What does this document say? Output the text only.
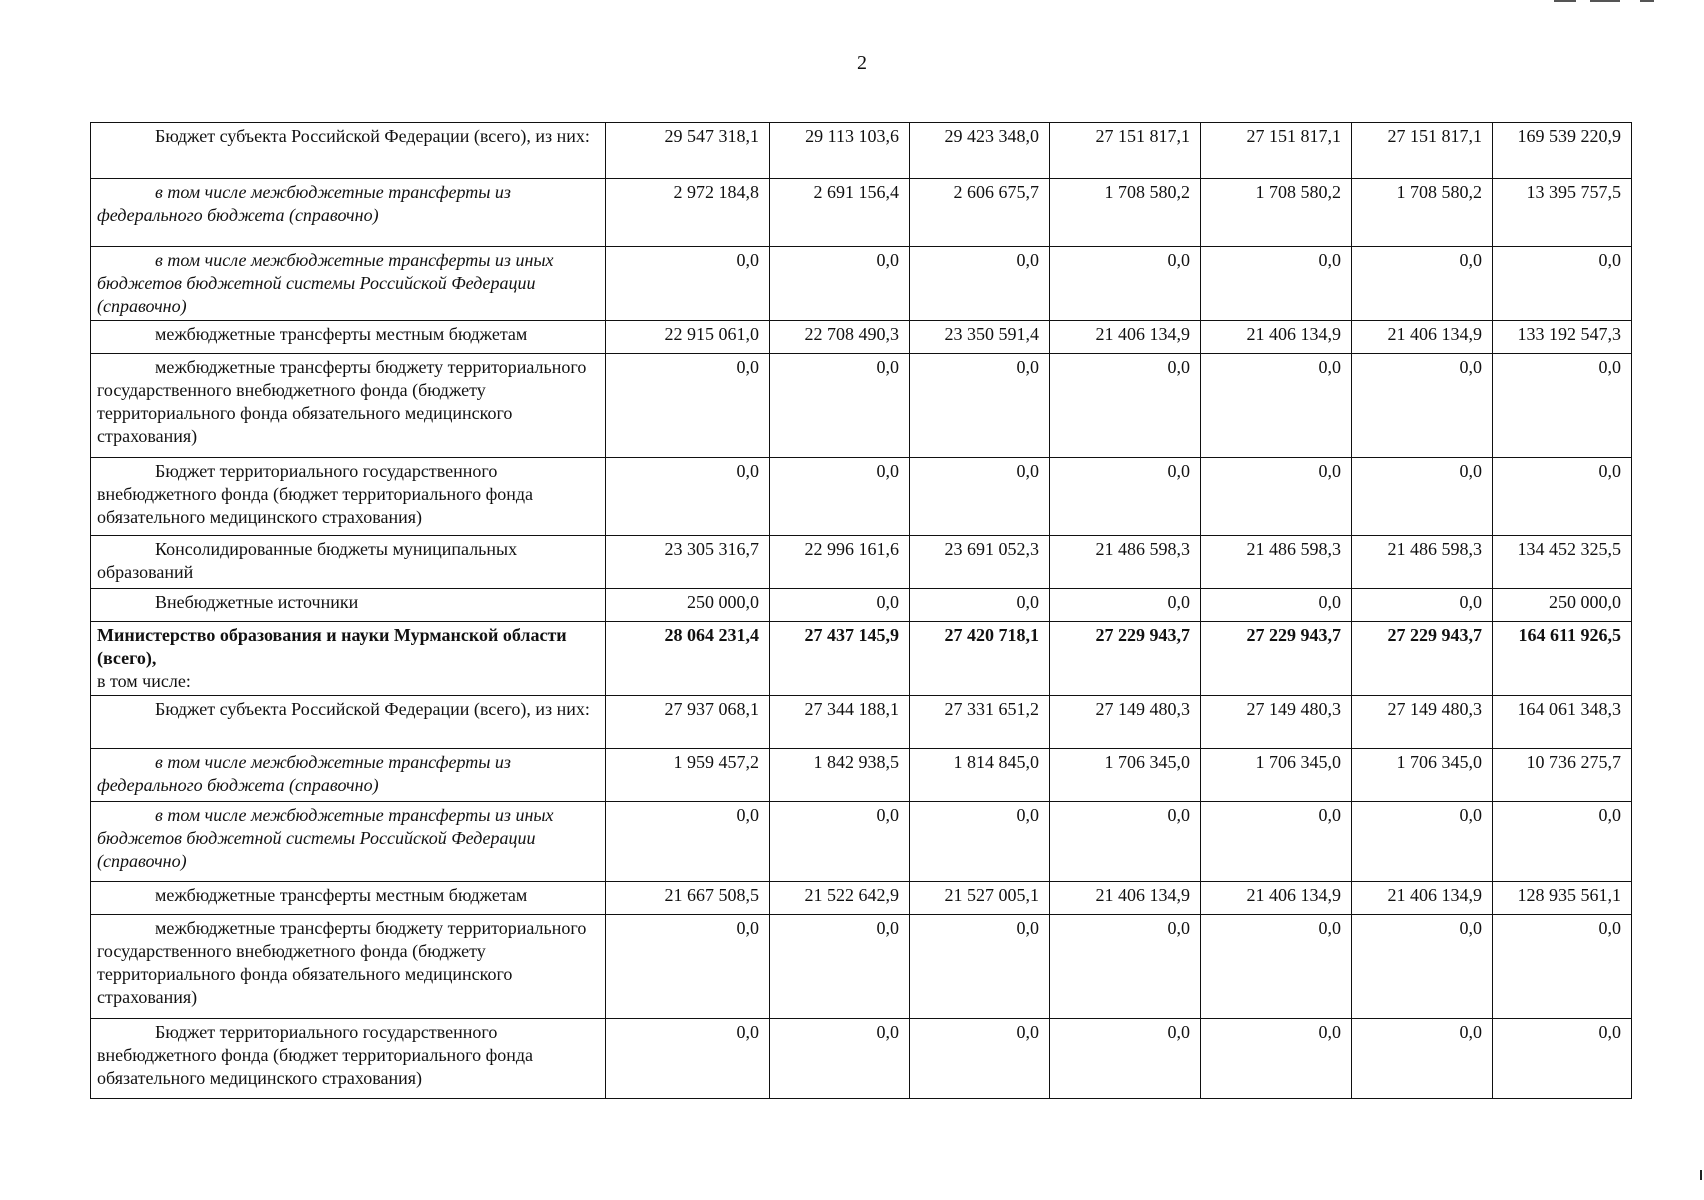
2
Бюджет субъекта Российской Федерации (всего), из них:	29 547 318,1	29 113 103,6	29 423 348,0	27 151 817,1	27 151 817,1	27 151 817,1	169 539 220,9
в том числе межбюджетные трансферты из федерального бюджета (справочно)	2 972 184,8	2 691 156,4	2 606 675,7	1 708 580,2	1 708 580,2	1 708 580,2	13 395 757,5
в том числе межбюджетные трансферты из иных бюджетов бюджетной системы Российской Федерации (справочно)	0,0	0,0	0,0	0,0	0,0	0,0	0,0
межбюджетные трансферты местным бюджетам	22 915 061,0	22 708 490,3	23 350 591,4	21 406 134,9	21 406 134,9	21 406 134,9	133 192 547,3
межбюджетные трансферты бюджету территориального государственного внебюджетного фонда (бюджету территориального фонда обязательного медицинского страхования)	0,0	0,0	0,0	0,0	0,0	0,0	0,0
Бюджет территориального государственного внебюджетного фонда (бюджет территориального фонда обязательного медицинского страхования)	0,0	0,0	0,0	0,0	0,0	0,0	0,0
Консолидированные бюджеты муниципальных образований	23 305 316,7	22 996 161,6	23 691 052,3	21 486 598,3	21 486 598,3	21 486 598,3	134 452 325,5
Внебюджетные источники	250 000,0	0,0	0,0	0,0	0,0	0,0	250 000,0
Министерство образования и науки Мурманской области (всего),
в том числе:	28 064 231,4	27 437 145,9	27 420 718,1	27 229 943,7	27 229 943,7	27 229 943,7	164 611 926,5
Бюджет субъекта Российской Федерации (всего), из них:	27 937 068,1	27 344 188,1	27 331 651,2	27 149 480,3	27 149 480,3	27 149 480,3	164 061 348,3
в том числе межбюджетные трансферты из федерального бюджета (справочно)	1 959 457,2	1 842 938,5	1 814 845,0	1 706 345,0	1 706 345,0	1 706 345,0	10 736 275,7
в том числе межбюджетные трансферты из иных бюджетов бюджетной системы Российской Федерации (справочно)	0,0	0,0	0,0	0,0	0,0	0,0	0,0
межбюджетные трансферты местным бюджетам	21 667 508,5	21 522 642,9	21 527 005,1	21 406 134,9	21 406 134,9	21 406 134,9	128 935 561,1
межбюджетные трансферты бюджету территориального государственного внебюджетного фонда (бюджету территориального фонда обязательного медицинского страхования)	0,0	0,0	0,0	0,0	0,0	0,0	0,0
Бюджет территориального государственного внебюджетного фонда (бюджет территориального фонда обязательного медицинского страхования)	0,0	0,0	0,0	0,0	0,0	0,0	0,0
